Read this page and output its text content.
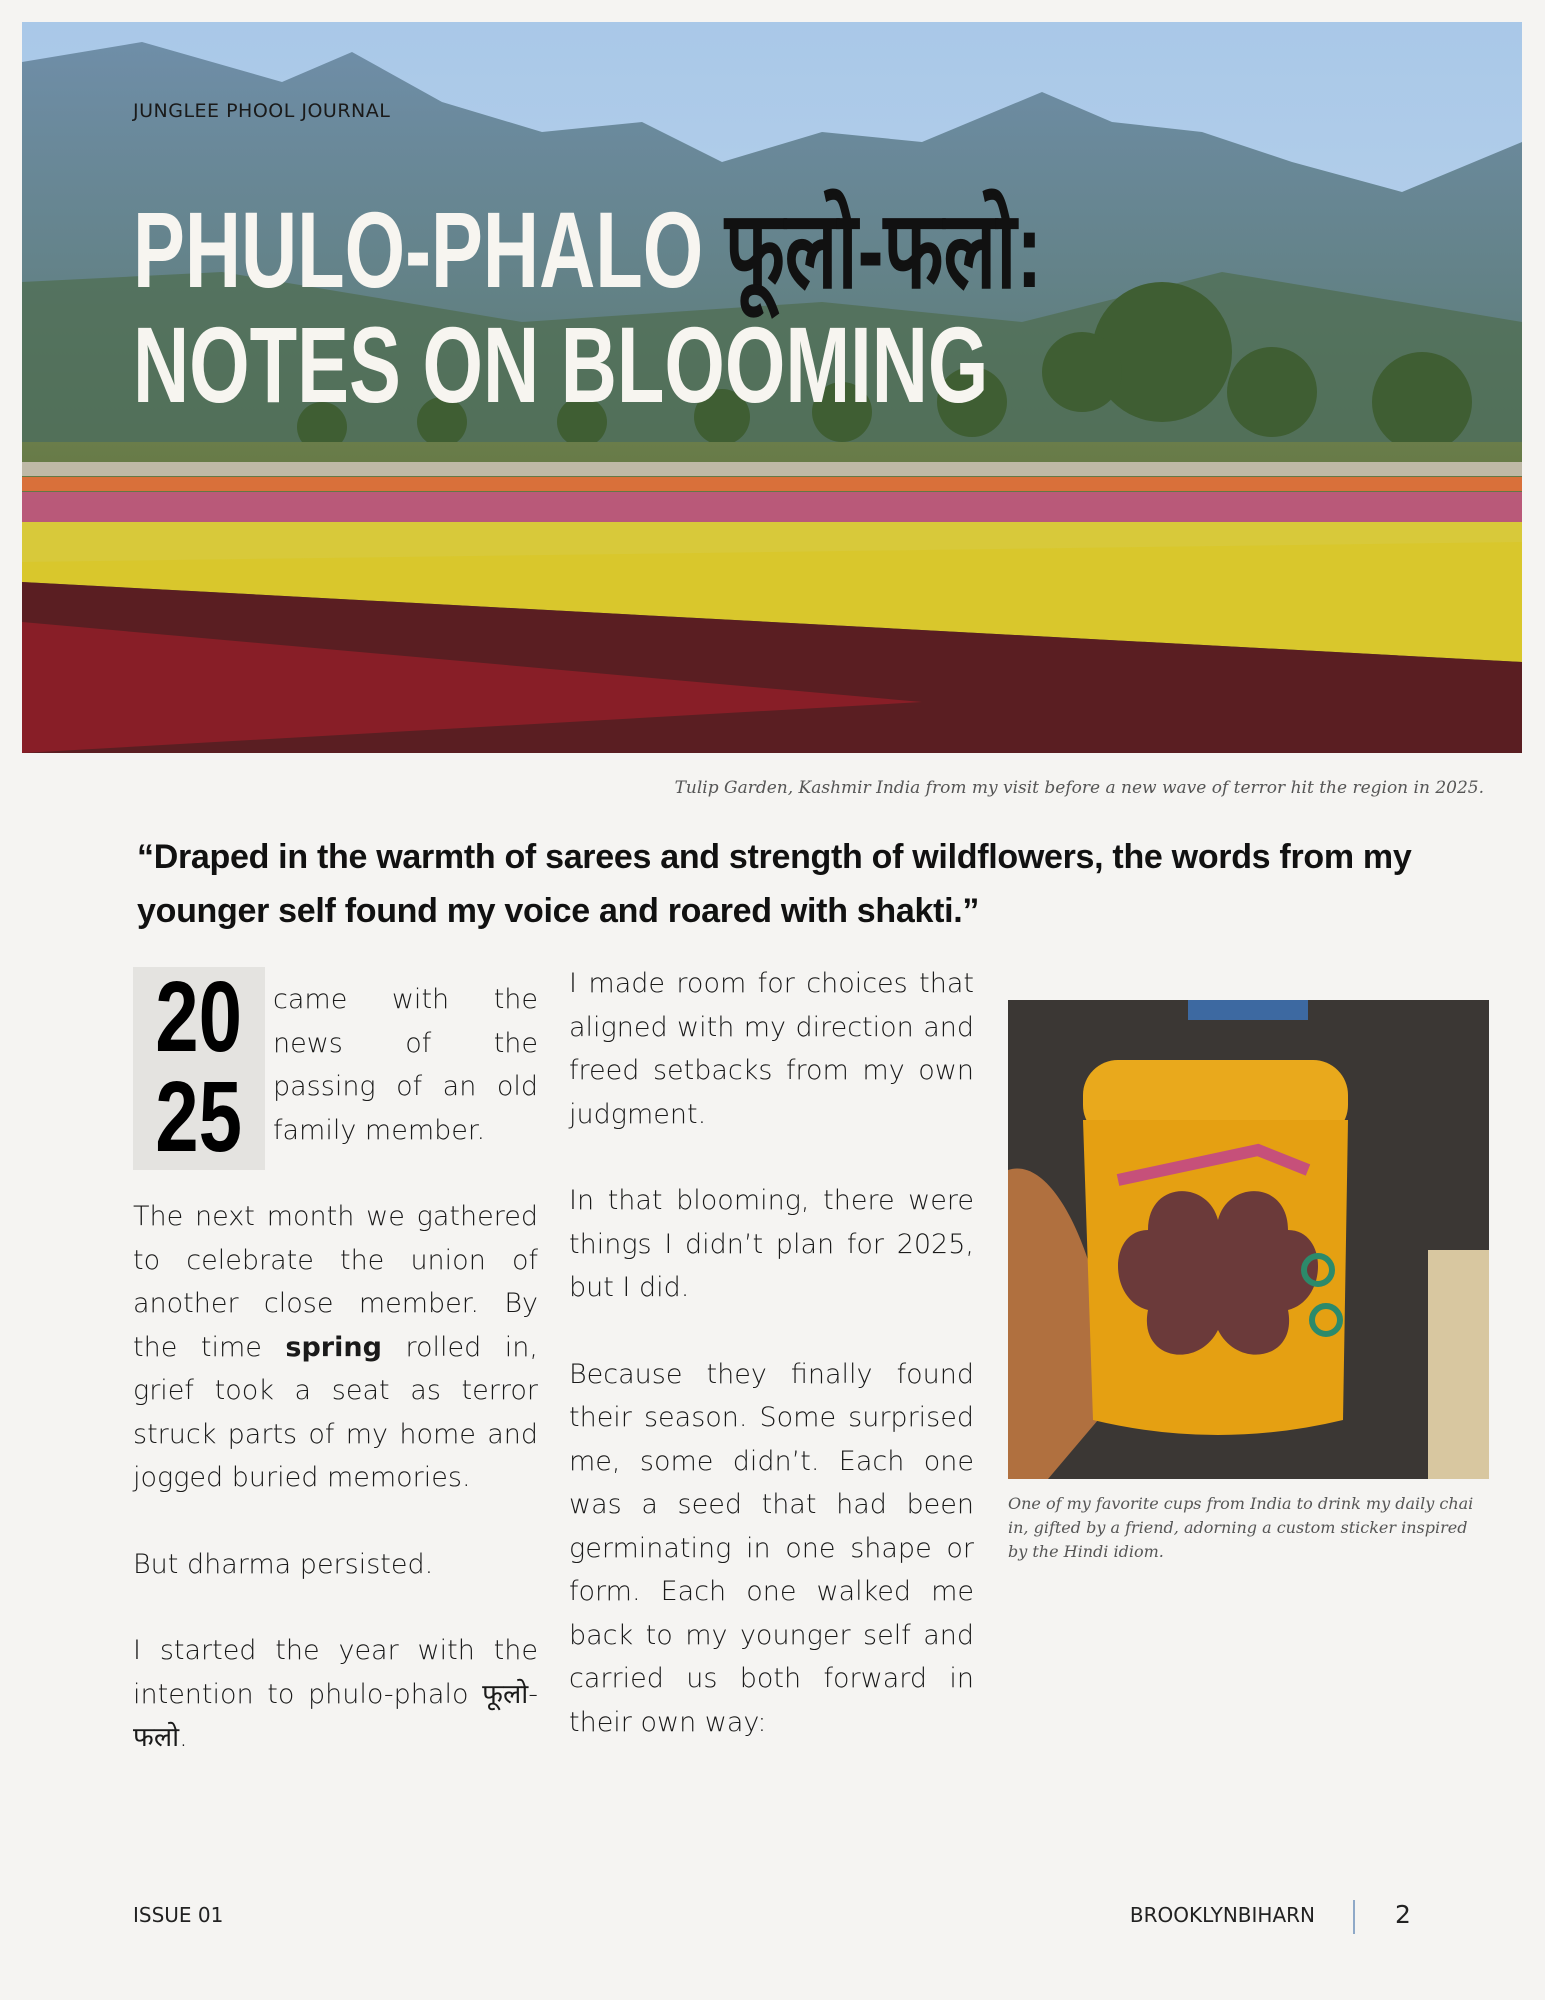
JUNGLEE PHOOL JOURNAL
PHULO-PHALO फूलो-फलो:
NOTES ON BLOOMING
Tulip Garden, Kashmir India from my visit before a new wave of terror hit the region in 2025.
“Draped in the warmth of sarees and strength of wildflowers, the words from my younger self found my voice and roared with shakti.”
20
25

came with the news of the passing of an old family member.

The next month we gathered to celebrate the union of another close member. By the time spring rolled in, grief took a seat as terror struck parts of my home and jogged buried memories.

But dharma persisted.

I started the year with the intention to phulo-phalo फूलो-फलो.

I made room for choices that aligned with my direction and freed setbacks from my own judgment.

In that blooming, there were things I didn’t plan for 2025, but I did.

Because they finally found their season. Some surprised me, some didn’t. Each one was a seed that had been germinating in one shape or form. Each one walked me back to my younger self and carried us both forward in their own way:

One of my favorite cups from India to drink my daily chai in, gifted by a friend, adorning a custom sticker inspired by the Hindi idiom.
ISSUE 01	BROOKLYNBIHARN	2
